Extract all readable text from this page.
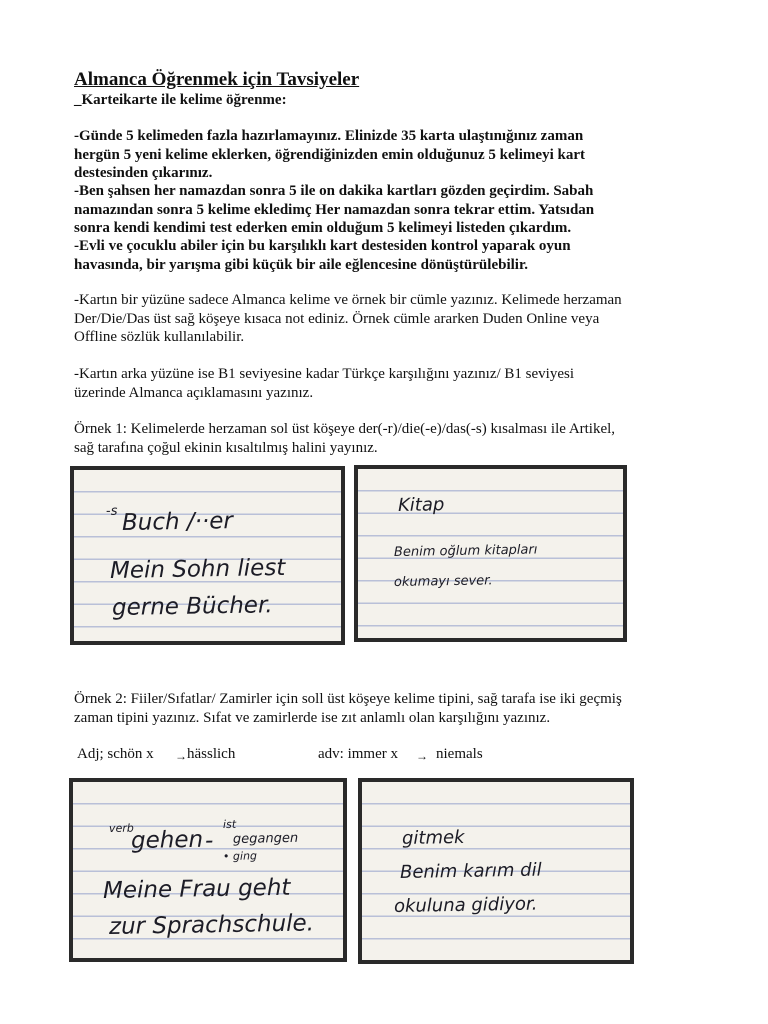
Almanca Öğrenmek için Tavsiyeler
_Karteikarte ile kelime öğrenme:
-Günde 5 kelimeden fazla hazırlamayınız. Elinizde 35 karta ulaştınığınız zaman
hergün 5 yeni kelime eklerken, öğrendiğinizden emin olduğunuz 5 kelimeyi kart
destesinden çıkarınız.
-Ben şahsen her namazdan sonra 5 ile on dakika kartları gözden geçirdim. Sabah
namazından sonra 5 kelime ekledimç Her namazdan sonra tekrar ettim. Yatsıdan
sonra kendi kendimi test ederken emin olduğum 5 kelimeyi listeden çıkardım.
-Evli ve çocuklu abiler için bu karşılıklı kart destesiden kontrol yaparak oyun
havasında, bir yarışma gibi küçük bir aile eğlencesine dönüştürülebilir.
-Kartın bir yüzüne sadece Almanca kelime ve örnek bir cümle yazınız. Kelimede herzaman
Der/Die/Das üst sağ köşeye kısaca not ediniz. Örnek cümle ararken Duden Online veya
Offline sözlük kullanılabilir.
-Kartın arka yüzüne ise B1 seviyesine kadar Türkçe karşılığını yazınız/ B1 seviyesi
üzerinde Almanca açıklamasını yazınız.
Örnek 1: Kelimelerde herzaman sol üst köşeye der(-r)/die(-e)/das(-s) kısalması ile Artikel,
sağ tarafına çoğul ekinin kısaltılmış halini yayınız.
-s Buch /··er
Mein Sohn liest
gerne Bücher.
Kitap
Benim oğlum kitapları
okumayı sever.
Örnek 2: Fiiler/Sıfatlar/ Zamirler için soll üst köşeye kelime tipini, sağ tarafa ise iki geçmiş
zaman tipini yazınız. Sıfat ve zamirlerde ise zıt anlamlı olan karşılığını yazınız.
Adj; schön x → hässlich	adv: immer x → niemals
verb
gehen -
ist
gegangen
• ging
Meine Frau geht
zur Sprachschule.
gitmek
Benim karım dil
okuluna gidiyor.
